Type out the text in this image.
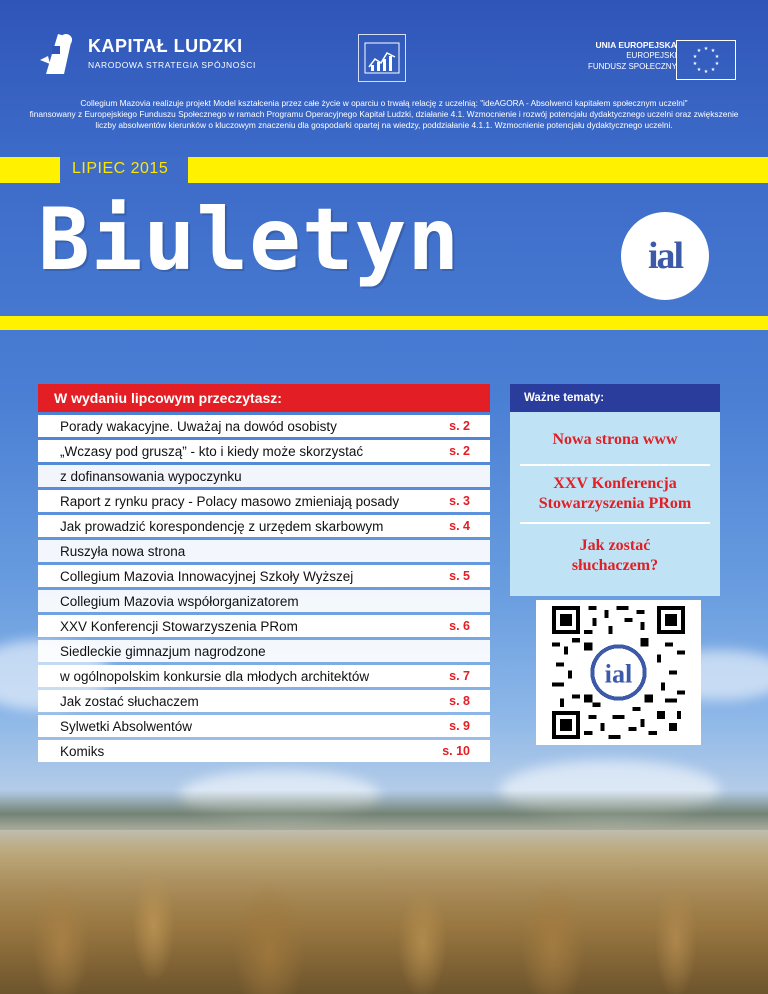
KAPITAŁ LUDZKI
NARODOWA STRATEGIA SPÓJNOŚCI
UNIA EUROPEJSKA
EUROPEJSKI
FUNDUSZ SPOŁECZNY
★ ★
★
★
★
★
★
★
★
★
Collegium Mazovia realizuje projekt Model kształcenia przez całe życie w oparciu o trwałą relację z uczelnią: "ideAGORA - Absolwenci kapitałem społecznym uczelni"
finansowany z Europejskiego Funduszu Społecznego w ramach Programu Operacyjnego Kapitał Ludzki, działanie 4.1. Wzmocnienie i rozwój potencjału dydaktycznego uczelni oraz zwiększenie
liczby absolwentów kierunków o kluczowym znaczeniu dla gospodarki opartej na wiedzy, poddziałanie 4.1.1. Wzmocnienie potencjału dydaktycznego uczelni.
LIPIEC 2015
Biuletyn	ial
W wydaniu lipcowym przeczytasz:
Porady wakacyjne. Uważaj na dowód osobisty	s. 2
„Wczasy pod gruszą” - kto i kiedy może skorzystać	s. 2
z dofinansowania wypoczynku
Raport z rynku pracy - Polacy masowo zmieniają posady	s. 3
Jak prowadzić korespondencję z urzędem skarbowym	s. 4
Ruszyła nowa strona
Collegium Mazovia Innowacyjnej Szkoły Wyższej	s. 5
Collegium Mazovia współorganizatorem
XXV Konferencji Stowarzyszenia PRom	s. 6
Siedleckie gimnazjum nagrodzone
w ogólnopolskim konkursie dla młodych architektów	s. 7
Jak zostać słuchaczem	s. 8
Sylwetki Absolwentów	s. 9
Komiks	s. 10
Ważne tematy:
Nowa strona www
XXV Konferencja
Stowarzyszenia PRom
Jak zostać
słuchaczem?
ial
